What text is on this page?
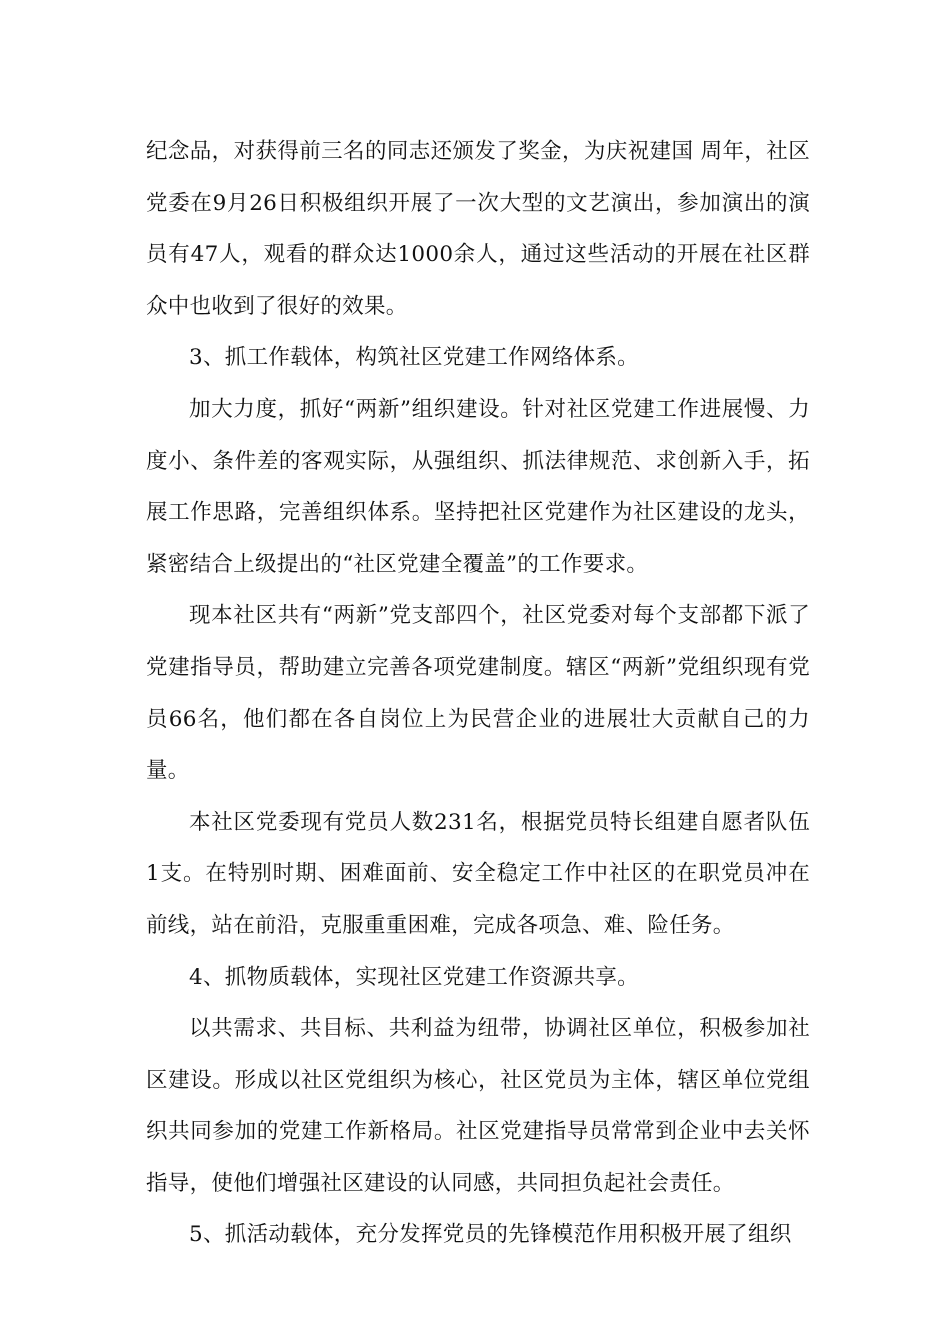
纪念品，对获得前三名的同志还颁发了奖金，为庆祝建国 周年，社区党委在9月26日积极组织开展了一次大型的文艺演出，参加演出的演员有47人，观看的群众达1000余人，通过这些活动的开展在社区群众中也收到了很好的效果。

3、抓工作载体，构筑社区党建工作网络体系。

加大力度，抓好“两新”组织建设。针对社区党建工作进展慢、力度小、条件差的客观实际，从强组织、抓法律规范、求创新入手，拓展工作思路，完善组织体系。坚持把社区党建作为社区建设的龙头，紧密结合上级提出的“社区党建全覆盖”的工作要求。

现本社区共有“两新”党支部四个，社区党委对每个支部都下派了党建指导员，帮助建立完善各项党建制度。辖区“两新”党组织现有党员66名，他们都在各自岗位上为民营企业的进展壮大贡献自己的力量。

本社区党委现有党员人数231名，根据党员特长组建自愿者队伍1支。在特别时期、困难面前、安全稳定工作中社区的在职党员冲在前线，站在前沿，克服重重困难，完成各项急、难、险任务。

4、抓物质载体，实现社区党建工作资源共享。

以共需求、共目标、共利益为纽带，协调社区单位，积极参加社区建设。形成以社区党组织为核心，社区党员为主体，辖区单位党组织共同参加的党建工作新格局。社区党建指导员常常到企业中去关怀指导，使他们增强社区建设的认同感，共同担负起社会责任。

5、抓活动载体，充分发挥党员的先锋模范作用积极开展了组织
